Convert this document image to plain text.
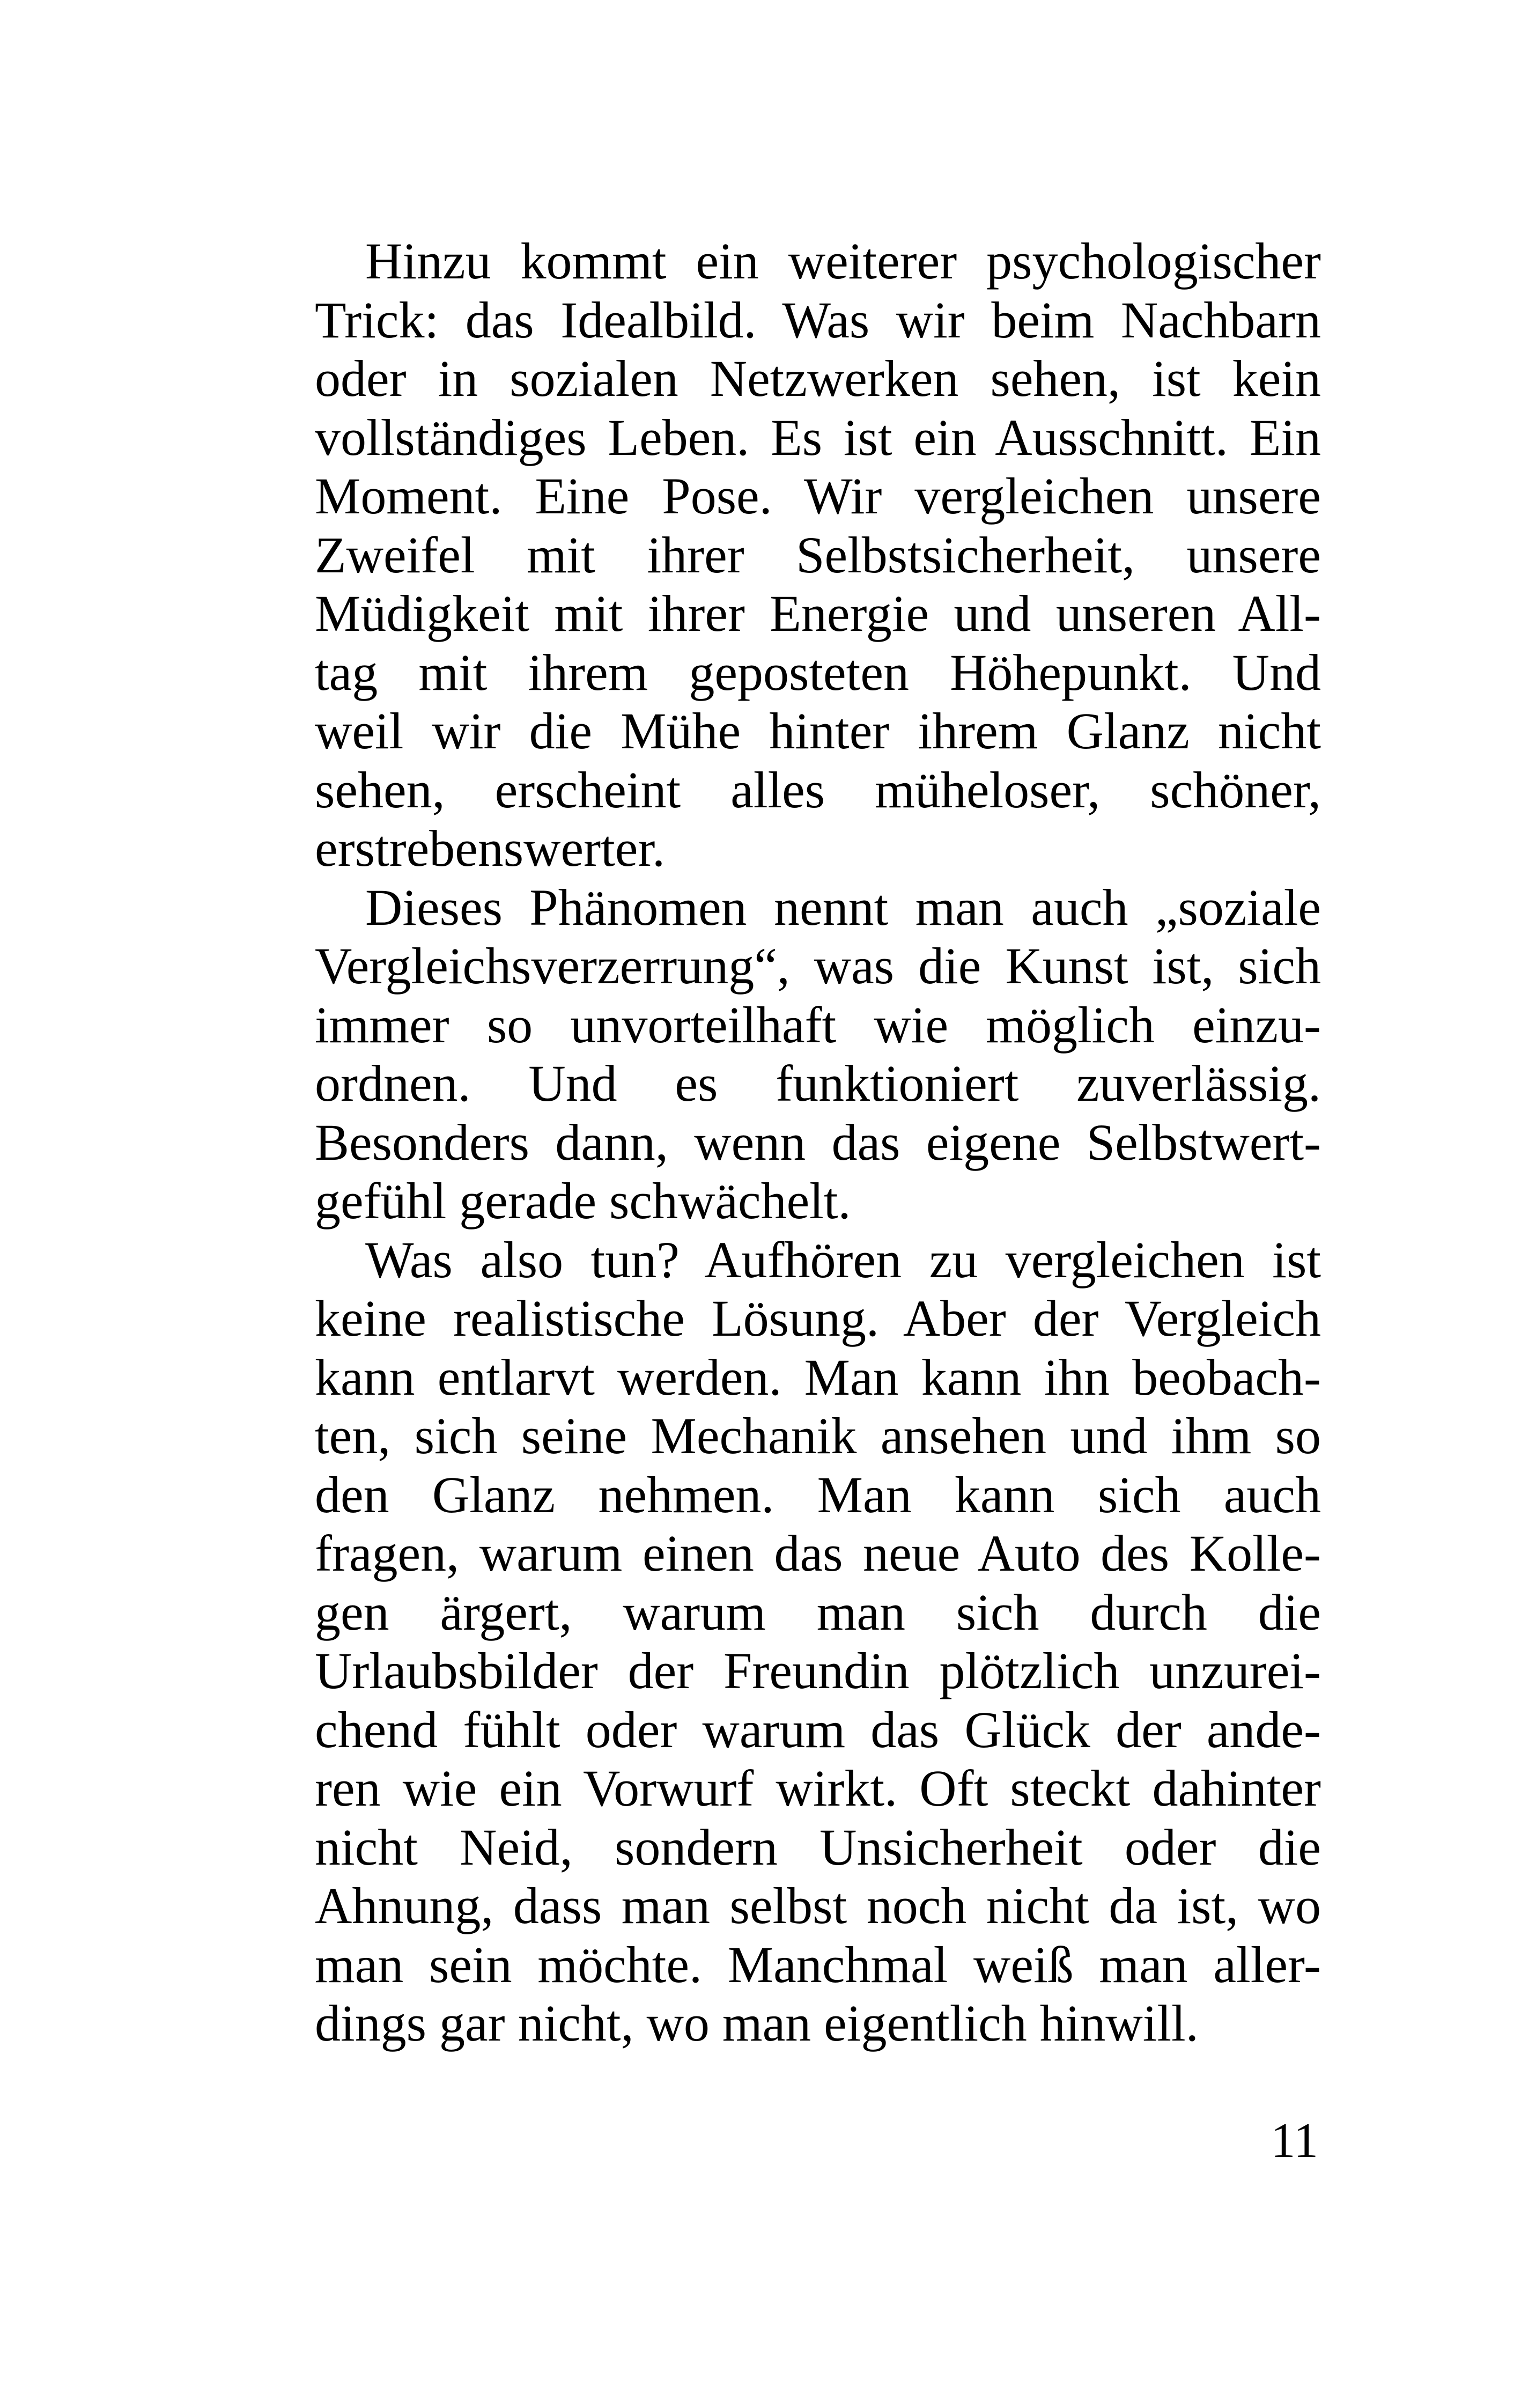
Hinzu kommt ein weiterer psychologischer
Trick: das Idealbild. Was wir beim Nachbarn
oder in sozialen Netzwerken sehen, ist kein
vollständiges Leben. Es ist ein Ausschnitt. Ein
Moment. Eine Pose. Wir vergleichen unsere
Zweifel mit ihrer Selbstsicherheit, unsere
Müdigkeit mit ihrer Energie und unseren All-
tag mit ihrem geposteten Höhepunkt. Und
weil wir die Mühe hinter ihrem Glanz nicht
sehen, erscheint alles müheloser, schöner,
erstrebenswerter.
Dieses Phänomen nennt man auch „soziale
Vergleichsverzerrung“, was die Kunst ist, sich
immer so unvorteilhaft wie möglich einzu-
ordnen. Und es funktioniert zuverlässig.
Besonders dann, wenn das eigene Selbstwert-
gefühl gerade schwächelt.
Was also tun? Aufhören zu vergleichen ist
keine realistische Lösung. Aber der Vergleich
kann entlarvt werden. Man kann ihn beobach-
ten, sich seine Mechanik ansehen und ihm so
den Glanz nehmen. Man kann sich auch
fragen, warum einen das neue Auto des Kolle-
gen ärgert, warum man sich durch die
Urlaubsbilder der Freundin plötzlich unzurei-
chend fühlt oder warum das Glück der ande-
ren wie ein Vorwurf wirkt. Oft steckt dahinter
nicht Neid, sondern Unsicherheit oder die
Ahnung, dass man selbst noch nicht da ist, wo
man sein möchte. Manchmal weiß man aller-
dings gar nicht, wo man eigentlich hinwill.
11
